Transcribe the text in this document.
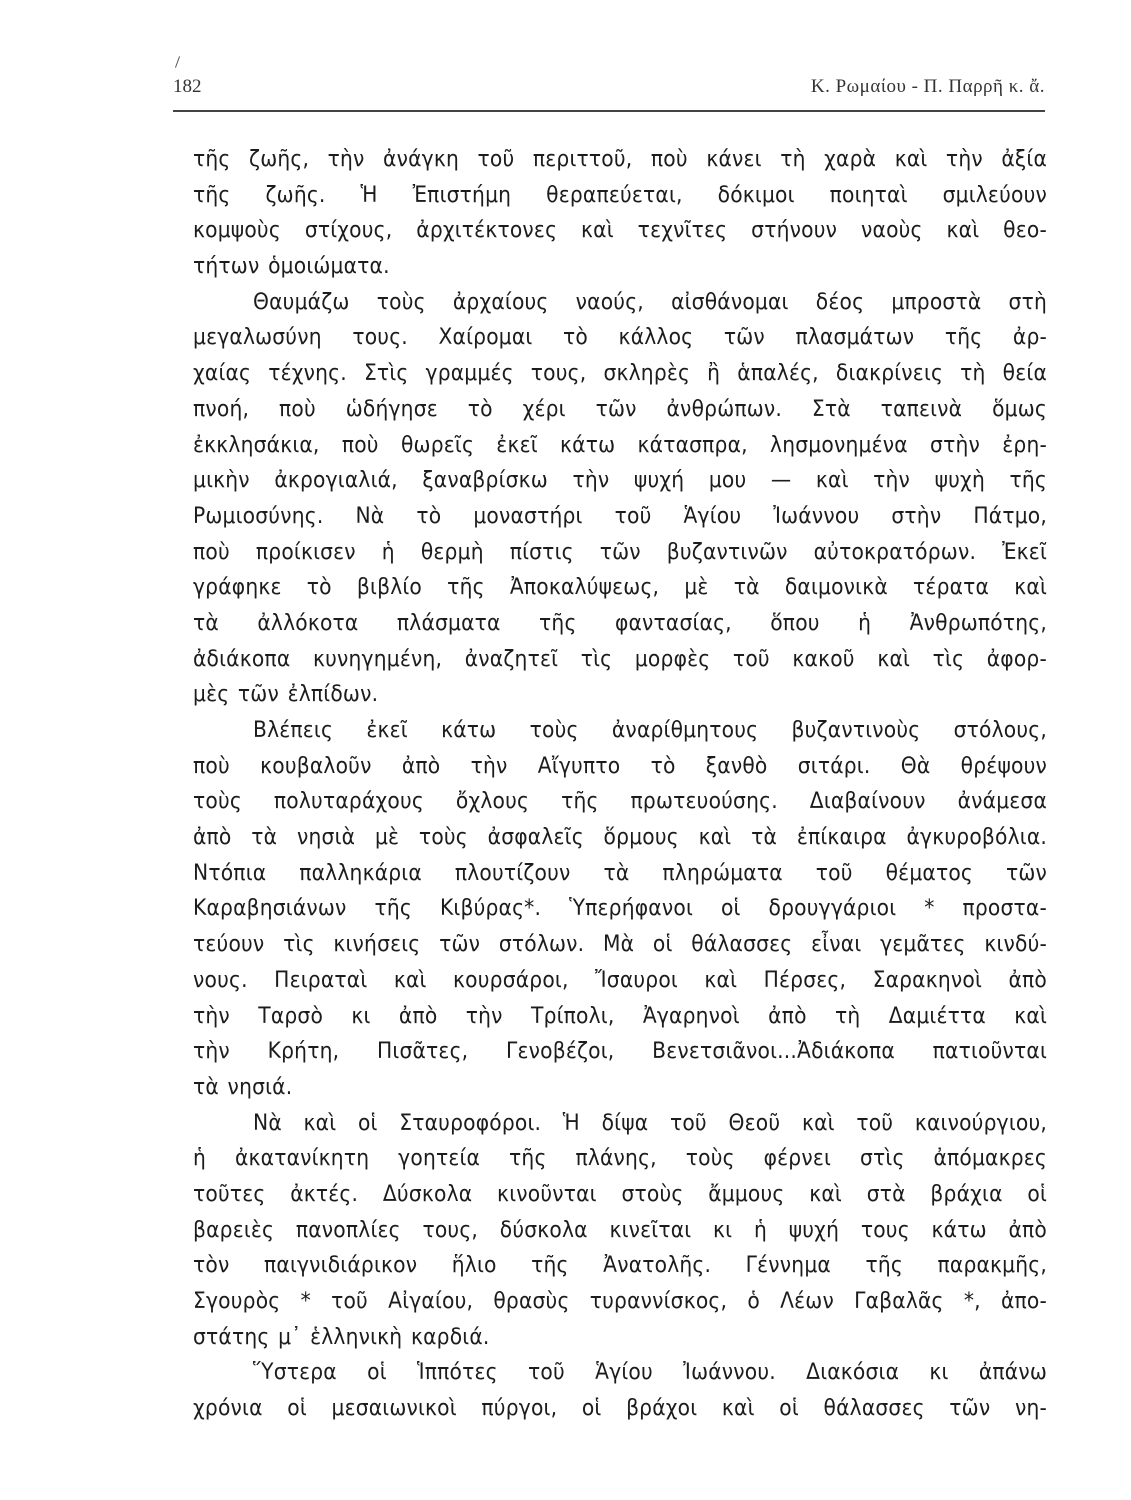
182	Κ. Ρωμαίου - Π. Παρρῆ κ. ἄ.
τῆς ζωῆς, τὴν ἀνάγκη τοῦ περιττοῦ, ποὺ κάνει τὴ χαρὰ καὶ τὴν ἀξία
τῆς ζωῆς. Ἡ Ἐπιστήμη θεραπεύεται, δόκιμοι ποιηταὶ σμιλεύουν
κομψοὺς στίχους, ἀρχιτέκτονες καὶ τεχνῖτες στήνουν ναοὺς καὶ θεο-
τήτων ὁμοιώματα.
Θαυμάζω τοὺς ἀρχαίους ναούς, αἰσθάνομαι δέος μπροστὰ στὴ
μεγαλωσύνη τους. Χαίρομαι τὸ κάλλος τῶν πλασμάτων τῆς ἀρ-
χαίας τέχνης. Στὶς γραμμές τους, σκληρὲς ἢ ἁπαλές, διακρίνεις τὴ θεία
πνοή, ποὺ ὡδήγησε τὸ χέρι τῶν ἀνθρώπων. Στὰ ταπεινὰ ὅμως
ἐκκλησάκια, ποὺ θωρεῖς ἐκεῖ κάτω κάτασπρα, λησμονημένα στὴν ἐρη-
μικὴν ἀκρογιαλιά, ξαναβρίσκω τὴν ψυχή μου — καὶ τὴν ψυχὴ τῆς
Ρωμιοσύνης. Νὰ τὸ μοναστήρι τοῦ Ἁγίου Ἰωάννου στὴν Πάτμο,
ποὺ προίκισεν ἡ θερμὴ πίστις τῶν βυζαντινῶν αὐτοκρατόρων. Ἐκεῖ
γράφηκε τὸ βιβλίο τῆς Ἀποκαλύψεως, μὲ τὰ δαιμονικὰ τέρατα καὶ
τὰ ἀλλόκοτα πλάσματα τῆς φαντασίας, ὅπου ἡ Ἀνθρωπότης,
ἀδιάκοπα κυνηγημένη, ἀναζητεῖ τὶς μορφὲς τοῦ κακοῦ καὶ τὶς ἀφορ-
μὲς τῶν ἐλπίδων.
Βλέπεις ἐκεῖ κάτω τοὺς ἀναρίθμητους βυζαντινοὺς στόλους,
ποὺ κουβαλοῦν ἀπὸ τὴν Αἴγυπτο τὸ ξανθὸ σιτάρι. Θὰ θρέψουν
τοὺς πολυταράχους ὄχλους τῆς πρωτευούσης. Διαβαίνουν ἀνάμεσα
ἀπὸ τὰ νησιὰ μὲ τοὺς ἀσφαλεῖς ὅρμους καὶ τὰ ἐπίκαιρα ἀγκυροβόλια.
Ντόπια παλληκάρια πλουτίζουν τὰ πληρώματα τοῦ θέματος τῶν
Καραβησιάνων τῆς Κιβύρας*. Ὑπερήφανοι οἱ δρουγγάριοι * προστα-
τεύουν τὶς κινήσεις τῶν στόλων. Μὰ οἱ θάλασσες εἶναι γεμᾶτες κινδύ-
νους. Πειραταὶ καὶ κουρσάροι, Ἴσαυροι καὶ Πέρσες, Σαρακηνοὶ ἀπὸ
τὴν Ταρσὸ κι ἀπὸ τὴν Τρίπολι, Ἀγαρηνοὶ ἀπὸ τὴ Δαμιέττα καὶ
τὴν Κρήτη, Πισᾶτες, Γενοβέζοι, Βενετσιᾶνοι...Ἀδιάκοπα πατιοῦνται
τὰ νησιά.
Νὰ καὶ οἱ Σταυροφόροι. Ἡ δίψα τοῦ Θεοῦ καὶ τοῦ καινούργιου,
ἡ ἀκατανίκητη γοητεία τῆς πλάνης, τοὺς φέρνει στὶς ἀπόμακρες
τοῦτες ἀκτές. Δύσκολα κινοῦνται στοὺς ἄμμους καὶ στὰ βράχια οἱ
βαρειὲς πανοπλίες τους, δύσκολα κινεῖται κι ἡ ψυχή τους κάτω ἀπὸ
τὸν παιγνιδιάρικον ἥλιο τῆς Ἀνατολῆς. Γέννημα τῆς παρακμῆς,
Σγουρὸς * τοῦ Αἰγαίου, θρασὺς τυραννίσκος, ὁ Λέων Γαβαλᾶς *, ἀπο-
στάτης μ᾽ ἑλληνικὴ καρδιά.
Ὕστερα οἱ Ἱππότες τοῦ Ἁγίου Ἰωάννου. Διακόσια κι ἀπάνω
χρόνια οἱ μεσαιωνικοὶ πύργοι, οἱ βράχοι καὶ οἱ θάλασσες τῶν νη-
